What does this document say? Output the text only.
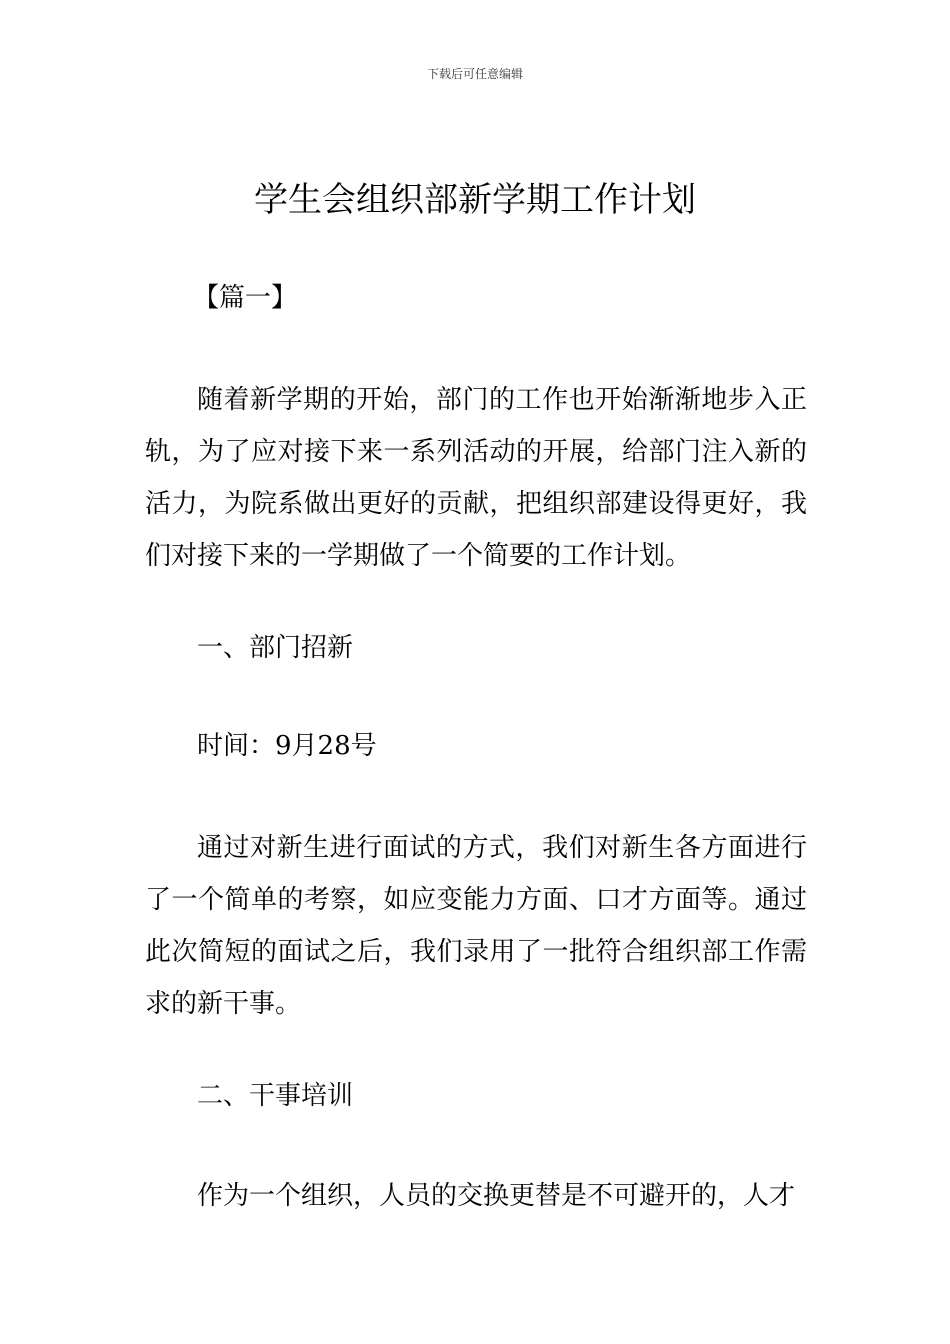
下载后可任意编辑
学生会组织部新学期工作计划

【篇一】

随着新学期的开始，部门的工作也开始渐渐地步入正轨，为了应对接下来一系列活动的开展，给部门注入新的活力，为院系做出更好的贡献，把组织部建设得更好，我们对接下来的一学期做了一个简要的工作计划。

一、部门招新

时间：9月28号

通过对新生进行面试的方式，我们对新生各方面进行了一个简单的考察，如应变能力方面、口才方面等。通过此次简短的面试之后，我们录用了一批符合组织部工作需求的新干事。

二、干事培训

作为一个组织，人员的交换更替是不可避开的，人才
